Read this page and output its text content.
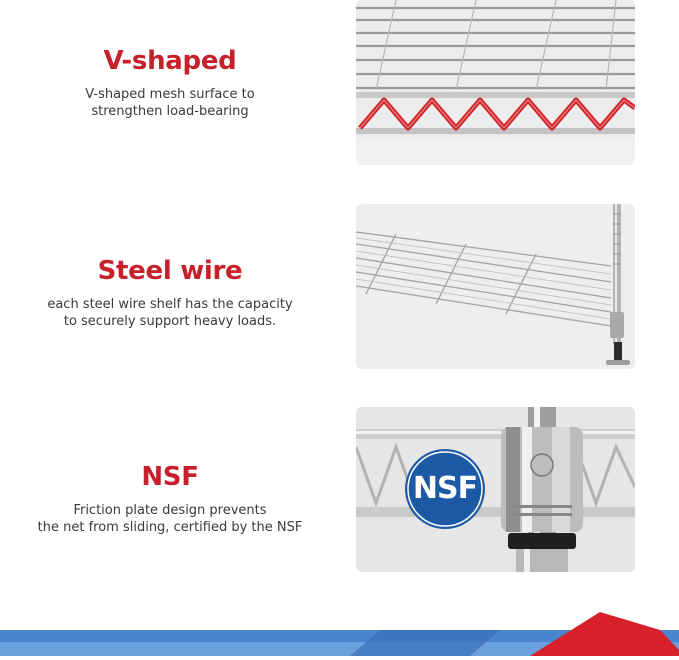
V-shaped

V-shaped mesh surface to
strengthen load-bearing

Steel wire

each steel wire shelf has the capacity
to securely support heavy loads.

NSF

Friction plate design prevents
the net from sliding, certified by the NSF

NSF
